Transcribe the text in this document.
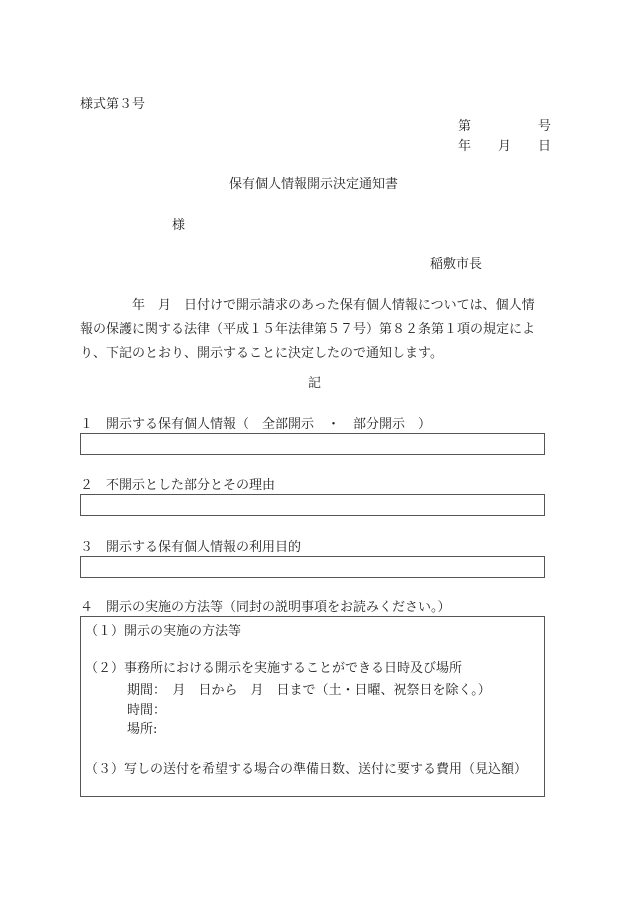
様式第３号
第	号
年 月 日
保有個人情報開示決定通知書
様
稲敷市長
　　　　年　月　日付けで開示請求のあった保有個人情報については、個人情
報の保護に関する法律（平成１５年法律第５７号）第８２条第１項の規定によ
り、下記のとおり、開示することに決定したので通知します。
記
１　開示する保有個人情報（　全部開示　・　部分開示　）
２　不開示とした部分とその理由
３　開示する保有個人情報の利用目的
４　開示の実施の方法等（同封の説明事項をお読みください。）
（１）開示の実施の方法等
（２）事務所における開示を実施することができる日時及び場所
期間：　月　日から　月　日まで（土・日曜、祝祭日を除く。）
時間：
場所:
（３）写しの送付を希望する場合の準備日数、送付に要する費用（見込額）
